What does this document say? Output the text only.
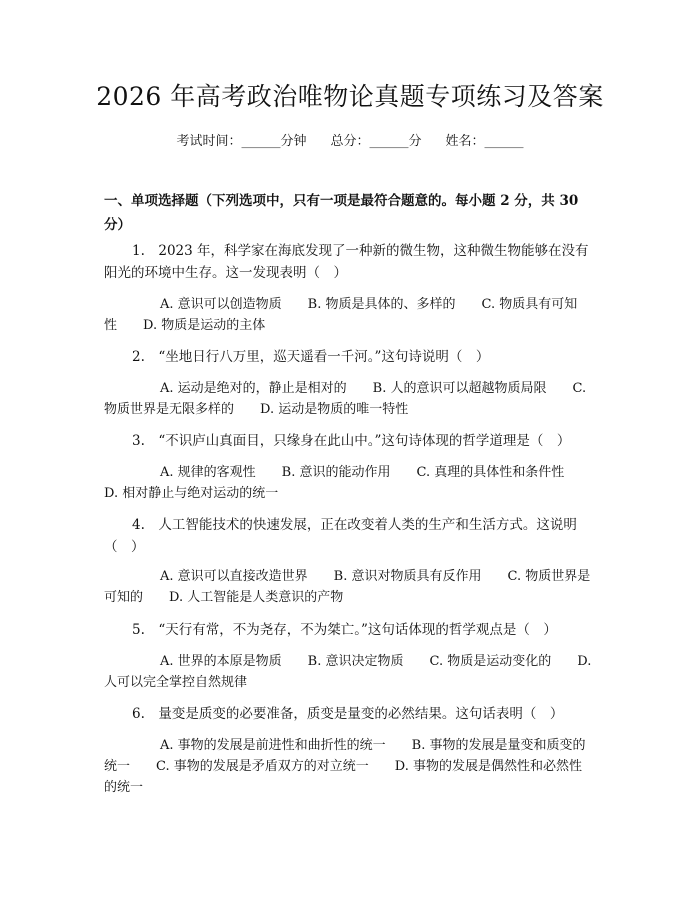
2026 年高考政治唯物论真题专项练习及答案
考试时间：______分钟 总分：______分 姓名：______
一、单项选择题（下列选项中，只有一项是最符合题意的。每小题 2 分，共 30 分）
1.　2023 年，科学家在海底发现了一种新的微生物，这种微生物能够在没有阳光的环境中生存。这一发现表明（　）
A. 意识可以创造物质 B. 物质是具体的、多样的 C. 物质具有可知性 D. 物质是运动的主体
2.　“坐地日行八万里，巡天遥看一千河。”这句诗说明（　）
A. 运动是绝对的，静止是相对的 B. 人的意识可以超越物质局限 C. 物质世界是无限多样的 D. 运动是物质的唯一特性
3.　“不识庐山真面目，只缘身在此山中。”这句诗体现的哲学道理是（　）
A. 规律的客观性 B. 意识的能动作用 C. 真理的具体性和条件性D. 相对静止与绝对运动的统一
4.　人工智能技术的快速发展，正在改变着人类的生产和生活方式。这说明（　）
A. 意识可以直接改造世界 B. 意识对物质具有反作用 C. 物质世界是可知的 D. 人工智能是人类意识的产物
5.　“天行有常，不为尧存，不为桀亡。”这句话体现的哲学观点是（　）
A. 世界的本原是物质 B. 意识决定物质 C. 物质是运动变化的 D. 人可以完全掌控自然规律
6.　量变是质变的必要准备，质变是量变的必然结果。这句话表明（　）
A. 事物的发展是前进性和曲折性的统一 B. 事物的发展是量变和质变的统一 C. 事物的发展是矛盾双方的对立统一 D. 事物的发展是偶然性和必然性的统一
